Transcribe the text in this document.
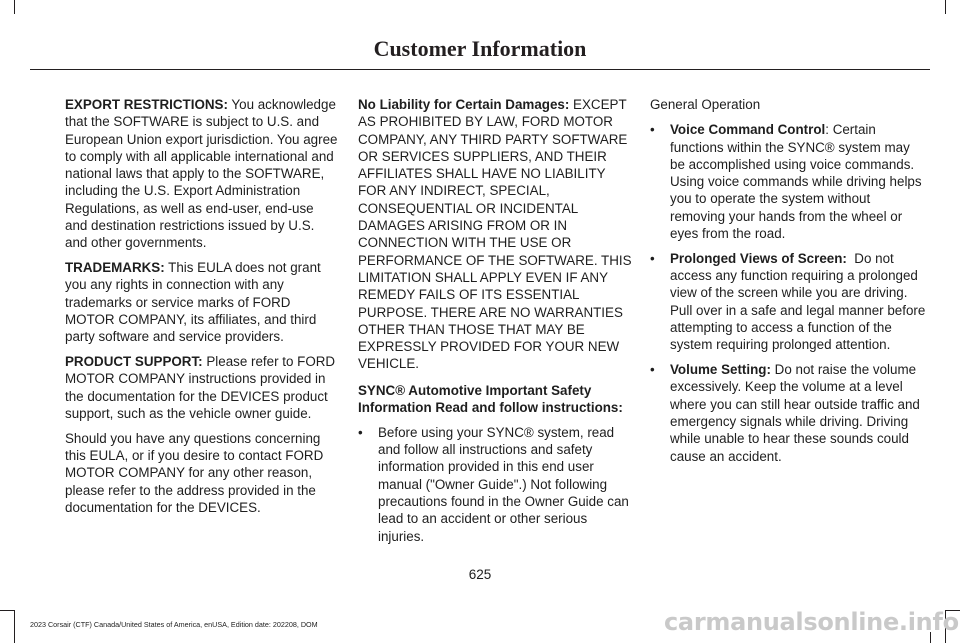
Customer Information

EXPORT RESTRICTIONS: You acknowledge that the SOFTWARE is subject to U.S. and European Union export jurisdiction. You agree to comply with all applicable international and national laws that apply to the SOFTWARE, including the U.S. Export Administration Regulations, as well as end-user, end-use and destination restrictions issued by U.S. and other governments.

TRADEMARKS: This EULA does not grant you any rights in connection with any trademarks or service marks of FORD MOTOR COMPANY, its affiliates, and third party software and service providers.

PRODUCT SUPPORT: Please refer to FORD MOTOR COMPANY instructions provided in the documentation for the DEVICES product support, such as the vehicle owner guide.

Should you have any questions concerning this EULA, or if you desire to contact FORD MOTOR COMPANY for any other reason, please refer to the address provided in the documentation for the DEVICES.

No Liability for Certain Damages: EXCEPT AS PROHIBITED BY LAW, FORD MOTOR COMPANY, ANY THIRD PARTY SOFTWARE OR SERVICES SUPPLIERS, AND THEIR AFFILIATES SHALL HAVE NO LIABILITY FOR ANY INDIRECT, SPECIAL, CONSEQUENTIAL OR INCIDENTAL DAMAGES ARISING FROM OR IN CONNECTION WITH THE USE OR PERFORMANCE OF THE SOFTWARE. THIS LIMITATION SHALL APPLY EVEN IF ANY REMEDY FAILS OF ITS ESSENTIAL PURPOSE. THERE ARE NO WARRANTIES OTHER THAN THOSE THAT MAY BE EXPRESSLY PROVIDED FOR YOUR NEW VEHICLE.

SYNC® Automotive Important Safety Information Read and follow instructions:

• Before using your SYNC® system, read and follow all instructions and safety information provided in this end user manual ("Owner Guide".) Not following precautions found in the Owner Guide can lead to an accident or other serious injuries.

General Operation

• Voice Command Control: Certain functions within the SYNC® system may be accomplished using voice commands. Using voice commands while driving helps you to operate the system without removing your hands from the wheel or eyes from the road.
• Prolonged Views of Screen:  Do not access any function requiring a prolonged view of the screen while you are driving. Pull over in a safe and legal manner before attempting to access a function of the system requiring prolonged attention.
• Volume Setting: Do not raise the volume excessively. Keep the volume at a level where you can still hear outside traffic and emergency signals while driving. Driving while unable to hear these sounds could cause an accident.
625
2023 Corsair (CTF) Canada/United States of America, enUSA, Edition date: 202208, DOM	carmanualsonline.info
